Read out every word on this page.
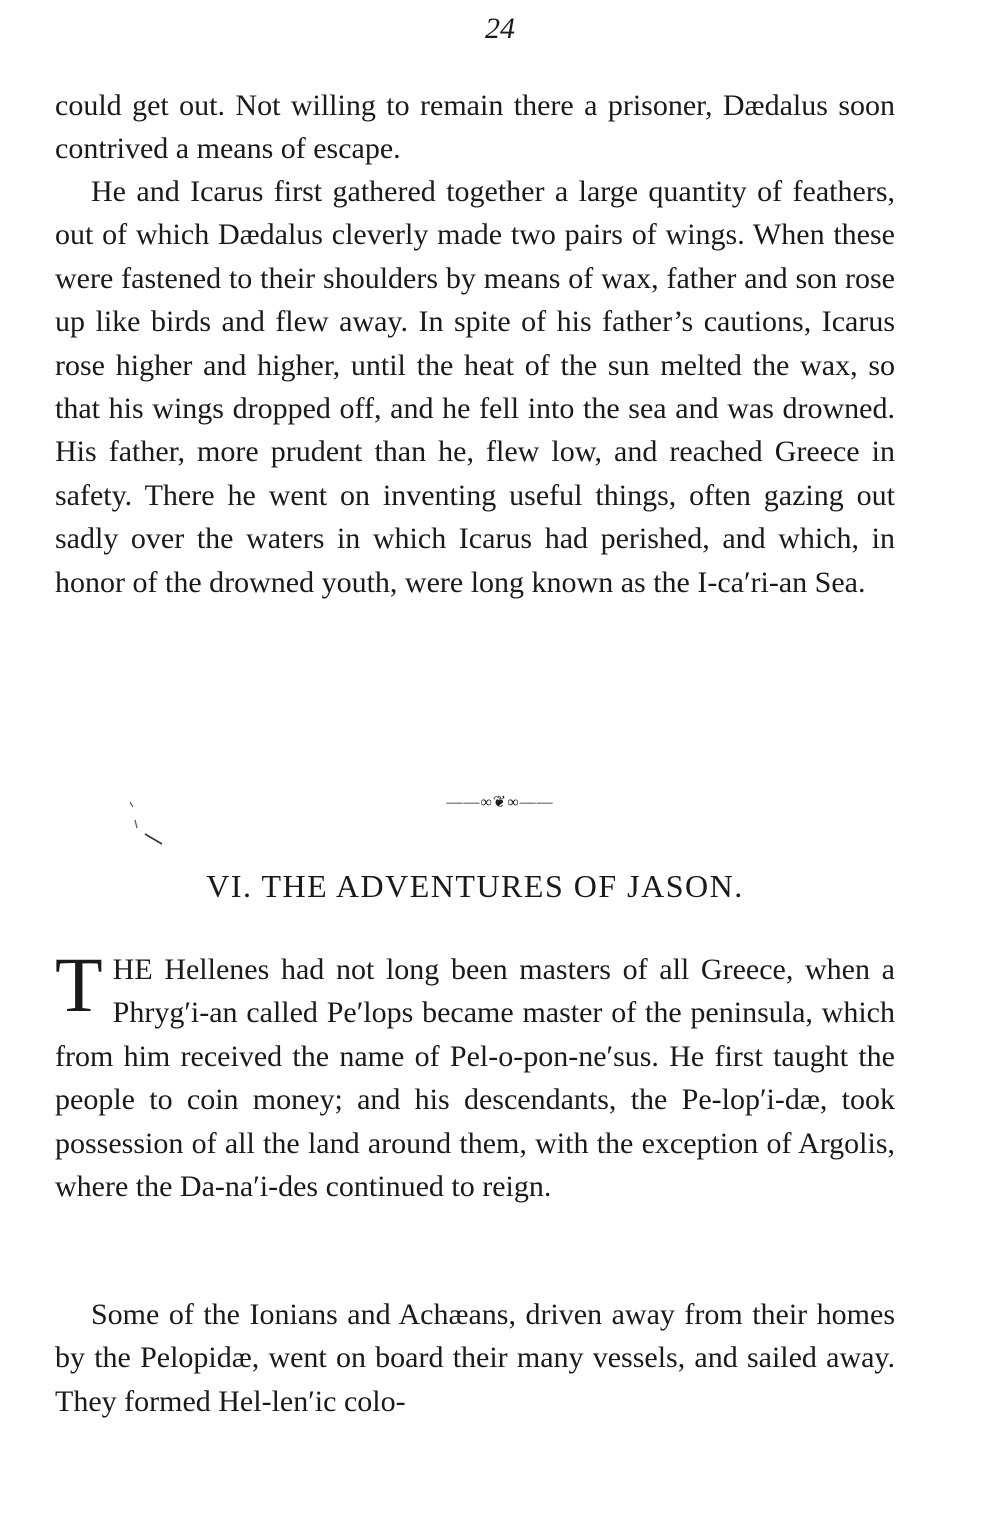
24

could get out. Not willing to remain there a prisoner, Dædalus soon contrived a means of escape.

He and Icarus first gathered together a large quantity of feathers, out of which Dædalus cleverly made two pairs of wings. When these were fastened to their shoulders by means of wax, father and son rose up like birds and flew away. In spite of his father’s cautions, Icarus rose higher and higher, until the heat of the sun melted the wax, so that his wings dropped off, and he fell into the sea and was drowned. His father, more prudent than he, flew low, and reached Greece in safety. There he went on inventing useful things, often gazing out sadly over the waters in which Icarus had perished, and which, in honor of the drowned youth, were long known as the I-ca′ri-an Sea.

——∞❦∞——
VI. THE ADVENTURES OF JASON.

THE Hellenes had not long been masters of all Greece, when a Phryg′i-an called Pe′lops became master of the peninsula, which from him received the name of Pel-o-pon-ne′sus. He first taught the people to coin money; and his descendants, the Pe-lop′i-dæ, took possession of all the land around them, with the exception of Argolis, where the Da-na′i-des continued to reign.

Some of the Ionians and Achæans, driven away from their homes by the Pelopidæ, went on board their many vessels, and sailed away. They formed Hel-len′ic colo-
